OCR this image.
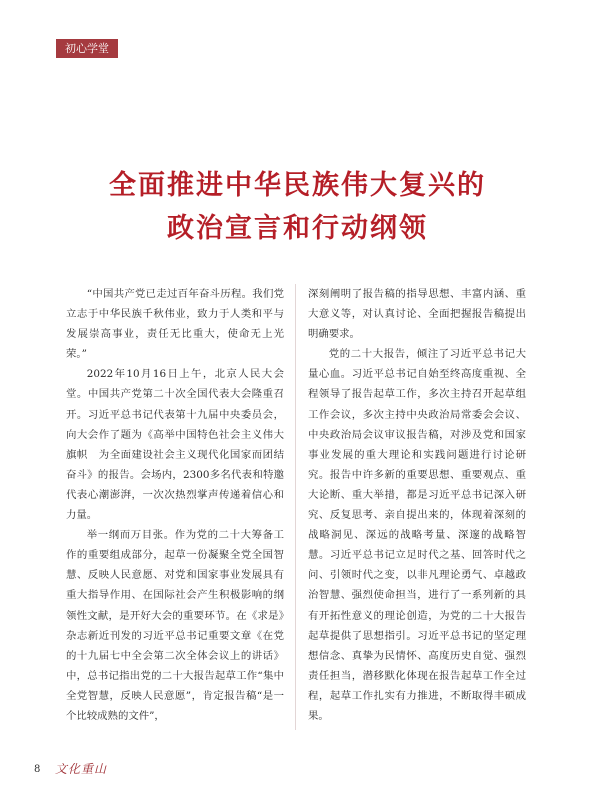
初心学堂
全面推进中华民族伟大复兴的
政治宣言和行动纲领

“中国共产党已走过百年奋斗历程。我们党立志于中华民族千秋伟业，致力于人类和平与发展崇高事业，责任无比重大，使命无上光荣。”

2022年10月16日上午，北京人民大会堂。中国共产党第二十次全国代表大会隆重召开。习近平总书记代表第十九届中央委员会，向大会作了题为《高举中国特色社会主义伟大旗帜　为全面建设社会主义现代化国家而团结奋斗》的报告。会场内，2300多名代表和特邀代表心潮澎湃，一次次热烈掌声传递着信心和力量。

举一纲而万目张。作为党的二十大筹备工作的重要组成部分，起草一份凝聚全党全国智慧、反映人民意愿、对党和国家事业发展具有重大指导作用、在国际社会产生积极影响的纲领性文献，是开好大会的重要环节。在《求是》杂志新近刊发的习近平总书记重要文章《在党的十九届七中全会第二次全体会议上的讲话》中，总书记指出党的二十大报告起草工作“集中全党智慧，反映人民意愿”，肯定报告稿“是一个比较成熟的文件”，

深刻阐明了报告稿的指导思想、丰富内涵、重大意义等，对认真讨论、全面把握报告稿提出明确要求。

党的二十大报告，倾注了习近平总书记大量心血。习近平总书记自始至终高度重视、全程领导了报告起草工作，多次主持召开起草组工作会议，多次主持中央政治局常委会会议、中央政治局会议审议报告稿，对涉及党和国家事业发展的重大理论和实践问题进行讨论研究。报告中许多新的重要思想、重要观点、重大论断、重大举措，都是习近平总书记深入研究、反复思考、亲自提出来的，体现着深刻的战略洞见、深远的战略考量、深邃的战略智慧。习近平总书记立足时代之基、回答时代之问、引领时代之变，以非凡理论勇气、卓越政治智慧、强烈使命担当，进行了一系列新的具有开拓性意义的理论创造，为党的二十大报告起草提供了思想指引。习近平总书记的坚定理想信念、真挚为民情怀、高度历史自觉、强烈责任担当，潜移默化体现在报告起草工作全过程，起草工作扎实有力推进，不断取得丰硕成果。

8 文化重山
